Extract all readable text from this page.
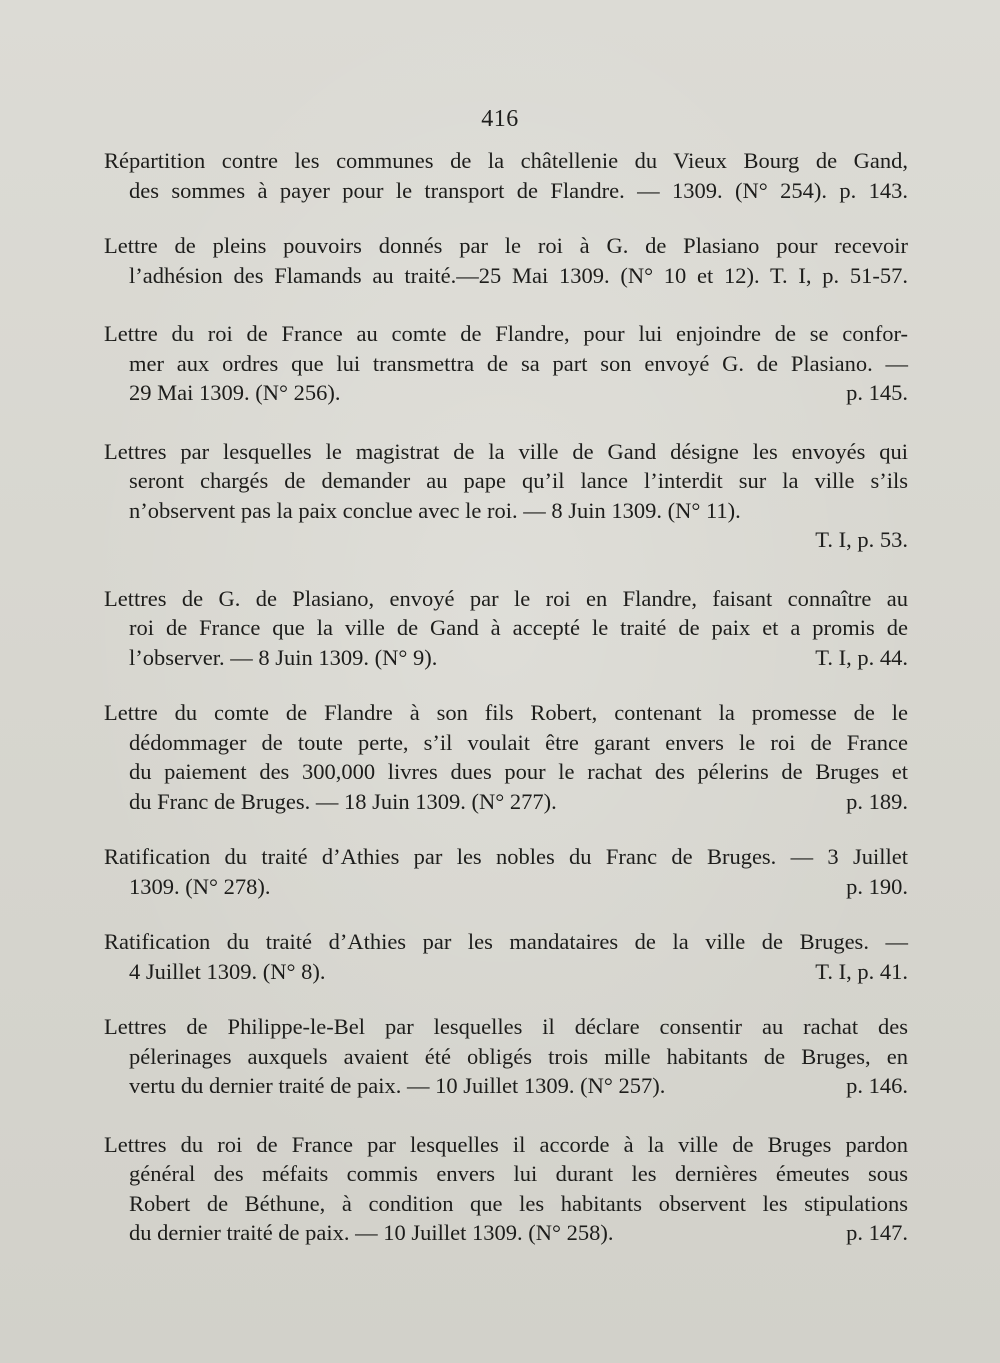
416

Répartition contre les communes de la châtellenie du Vieux Bourg de Gand,
des sommes à payer pour le transport de Flandre. — 1309. (N° 254). p. 143.

Lettre de pleins pouvoirs donnés par le roi à G. de Plasiano pour recevoir
l’adhésion des Flamands au traité.—25 Mai 1309. (N° 10 et 12). T. I, p. 51-57.

Lettre du roi de France au comte de Flandre, pour lui enjoindre de se confor-
mer aux ordres que lui transmettra de sa part son envoyé G. de Plasiano. —
29 Mai 1309. (N° 256).	p. 145.

Lettres par lesquelles le magistrat de la ville de Gand désigne les envoyés qui
seront chargés de demander au pape qu’il lance l’interdit sur la ville s’ils
n’observent pas la paix conclue avec le roi. — 8 Juin 1309. (N° 11).
T. I, p. 53.

Lettres de G. de Plasiano, envoyé par le roi en Flandre, faisant connaître au
roi de France que la ville de Gand à accepté le traité de paix et a promis de
l’observer. — 8 Juin 1309. (N° 9).	T. I, p. 44.

Lettre du comte de Flandre à son fils Robert, contenant la promesse de le
dédommager de toute perte, s’il voulait être garant envers le roi de France
du paiement des 300,000 livres dues pour le rachat des pélerins de Bruges et
du Franc de Bruges. — 18 Juin 1309. (N° 277).	p. 189.

Ratification du traité d’Athies par les nobles du Franc de Bruges. — 3 Juillet
1309. (N° 278).	p. 190.

Ratification du traité d’Athies par les mandataires de la ville de Bruges. —
4 Juillet 1309. (N° 8).	T. I, p. 41.

Lettres de Philippe-le-Bel par lesquelles il déclare consentir au rachat des
pélerinages auxquels avaient été obligés trois mille habitants de Bruges, en
vertu du dernier traité de paix. — 10 Juillet 1309. (N° 257).	p. 146.

Lettres du roi de France par lesquelles il accorde à la ville de Bruges pardon
général des méfaits commis envers lui durant les dernières émeutes sous
Robert de Béthune, à condition que les habitants observent les stipulations
du dernier traité de paix. — 10 Juillet 1309. (N° 258).	p. 147.
